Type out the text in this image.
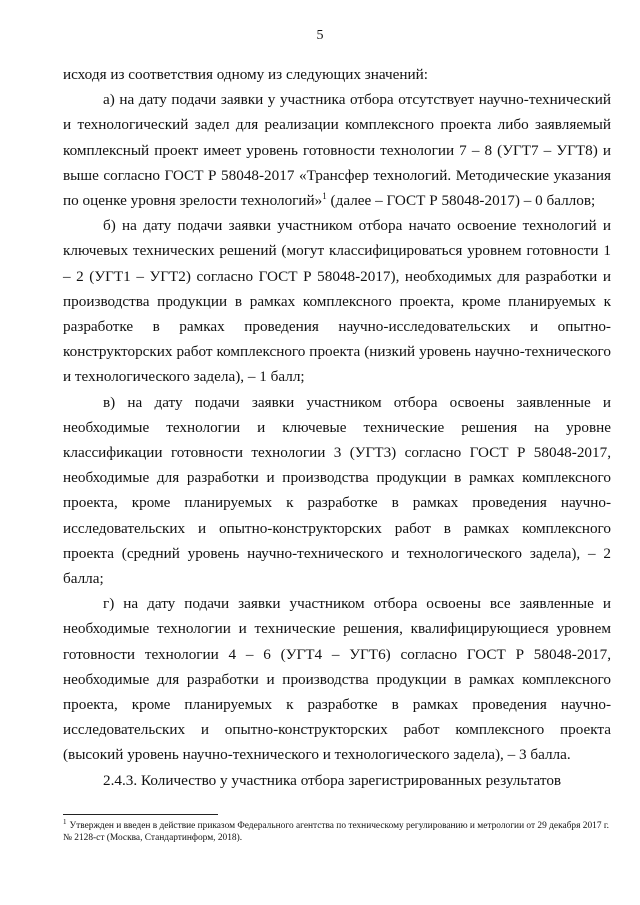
5

исходя из соответствия одному из следующих значений:

а) на дату подачи заявки у участника отбора отсутствует научно-технический и технологический задел для реализации комплексного проекта либо заявляемый комплексный проект имеет уровень готовности технологии 7 – 8 (УГТ7 – УГТ8) и выше согласно ГОСТ Р 58048-2017 «Трансфер технологий. Методические указания по оценке уровня зрелости технологий»$^1$ (далее – ГОСТ Р 58048-2017) – 0 баллов;

б) на дату подачи заявки участником отбора начато освоение технологий и ключевых технических решений (могут классифицироваться уровнем готовности 1 – 2 (УГТ1 – УГТ2) согласно ГОСТ Р 58048-2017), необходимых для разработки и производства продукции в рамках комплексного проекта, кроме планируемых к разработке в рамках проведения научно-исследовательских и опытно-конструкторских работ комплексного проекта (низкий уровень научно-технического и технологического задела), – 1 балл;

в) на дату подачи заявки участником отбора освоены заявленные и необходимые технологии и ключевые технические решения на уровне классификации готовности технологии 3 (УГТ3) согласно ГОСТ Р 58048-2017, необходимые для разработки и производства продукции в рамках комплексного проекта, кроме планируемых к разработке в рамках проведения научно-исследовательских и опытно-конструкторских работ в рамках комплексного проекта (средний уровень научно-технического и технологического задела), – 2 балла;

г) на дату подачи заявки участником отбора освоены все заявленные и необходимые технологии и технические решения, квалифицирующиеся уровнем готовности технологии 4 – 6 (УГТ4 – УГТ6) согласно ГОСТ Р 58048-2017, необходимые для разработки и производства продукции в рамках комплексного проекта, кроме планируемых к разработке в рамках проведения научно-исследовательских и опытно-конструкторских работ комплексного проекта (высокий уровень научно-технического и технологического задела), – 3 балла.

2.4.3. Количество у участника отбора зарегистрированных результатов

$^1$ Утвержден и введен в действие приказом Федерального агентства по техническому регулированию и метрологии от 29 декабря 2017 г. № 2128-ст (Москва, Стандартинформ, 2018).
